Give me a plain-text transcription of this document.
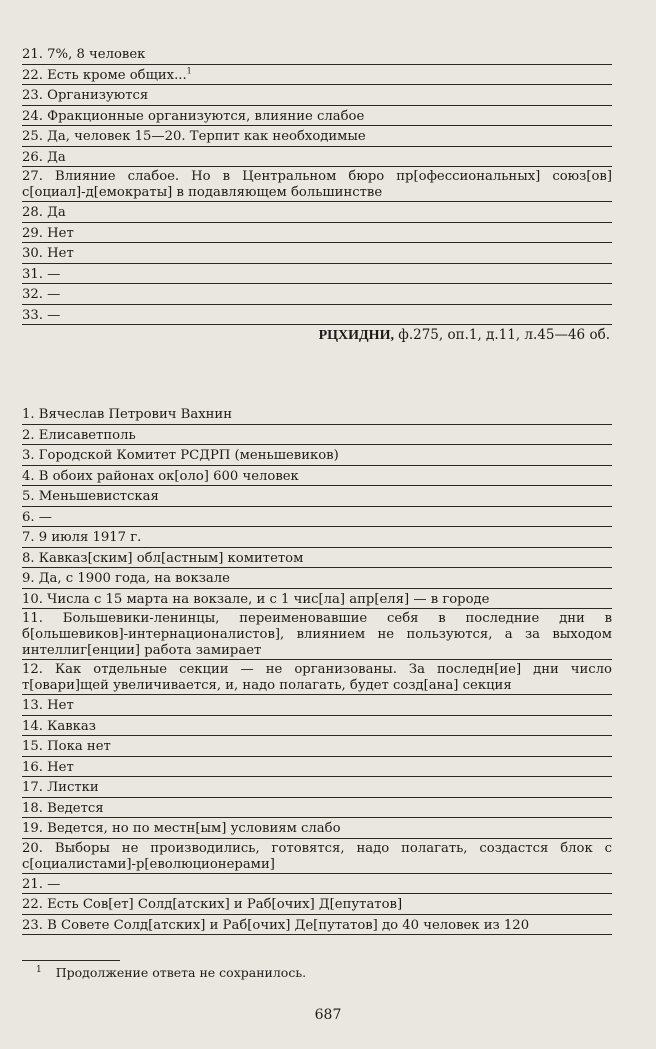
21. 7%, 8 человек
22. Есть кроме общих...$^1$
23. Организуются
24. Фракционные организуются, влияние слабое
25. Да, человек 15—20. Терпит как необходимые
26. Да
27. Влияние слабое. Но в Центральном бюро пр[офессиональных] союз[ов] с[оциал]-д[емократы] в подавляющем большинстве
28. Да
29. Нет
30. Нет
31. —
32. —
33. —
РЦХИДНИ, ф.275, оп.1, д.11, л.45—46 об.
1. Вячеслав Петрович Вахнин
2. Елисаветполь
3. Городской Комитет РСДРП (меньшевиков)
4. В обоих районах ок[оло] 600 человек
5. Меньшевистская
6. —
7. 9 июля 1917 г.
8. Кавказ[ским] обл[астным] комитетом
9. Да, с 1900 года, на вокзале
10. Числа с 15 марта на вокзале, и с 1 чис[ла] апр[еля] — в городе
11. Большевики-ленинцы, переименовавшие себя в последние дни в б[ольшевиков]-интернационалистов], влиянием не пользуются, а за выходом интеллиг[енции] работа замирает
12. Как отдельные секции — не организованы. За последн[ие] дни число т[овари]щей увеличивается, и, надо полагать, будет созд[ана] секция
13. Нет
14. Кавказ
15. Пока нет
16. Нет
17. Листки
18. Ведется
19. Ведется, но по местн[ым] условиям слабо
20. Выборы не производились, готовятся, надо полагать, создастся блок с с[оциалистами]-р[еволюционерами]
21. —
22. Есть Сов[ет] Солд[атских] и Раб[очих] Д[епутатов]
23. В Совете Солд[атских] и Раб[очих] Де[путатов] до 40 человек из 120
$^1$ Продолжение ответа не сохранилось.
687
